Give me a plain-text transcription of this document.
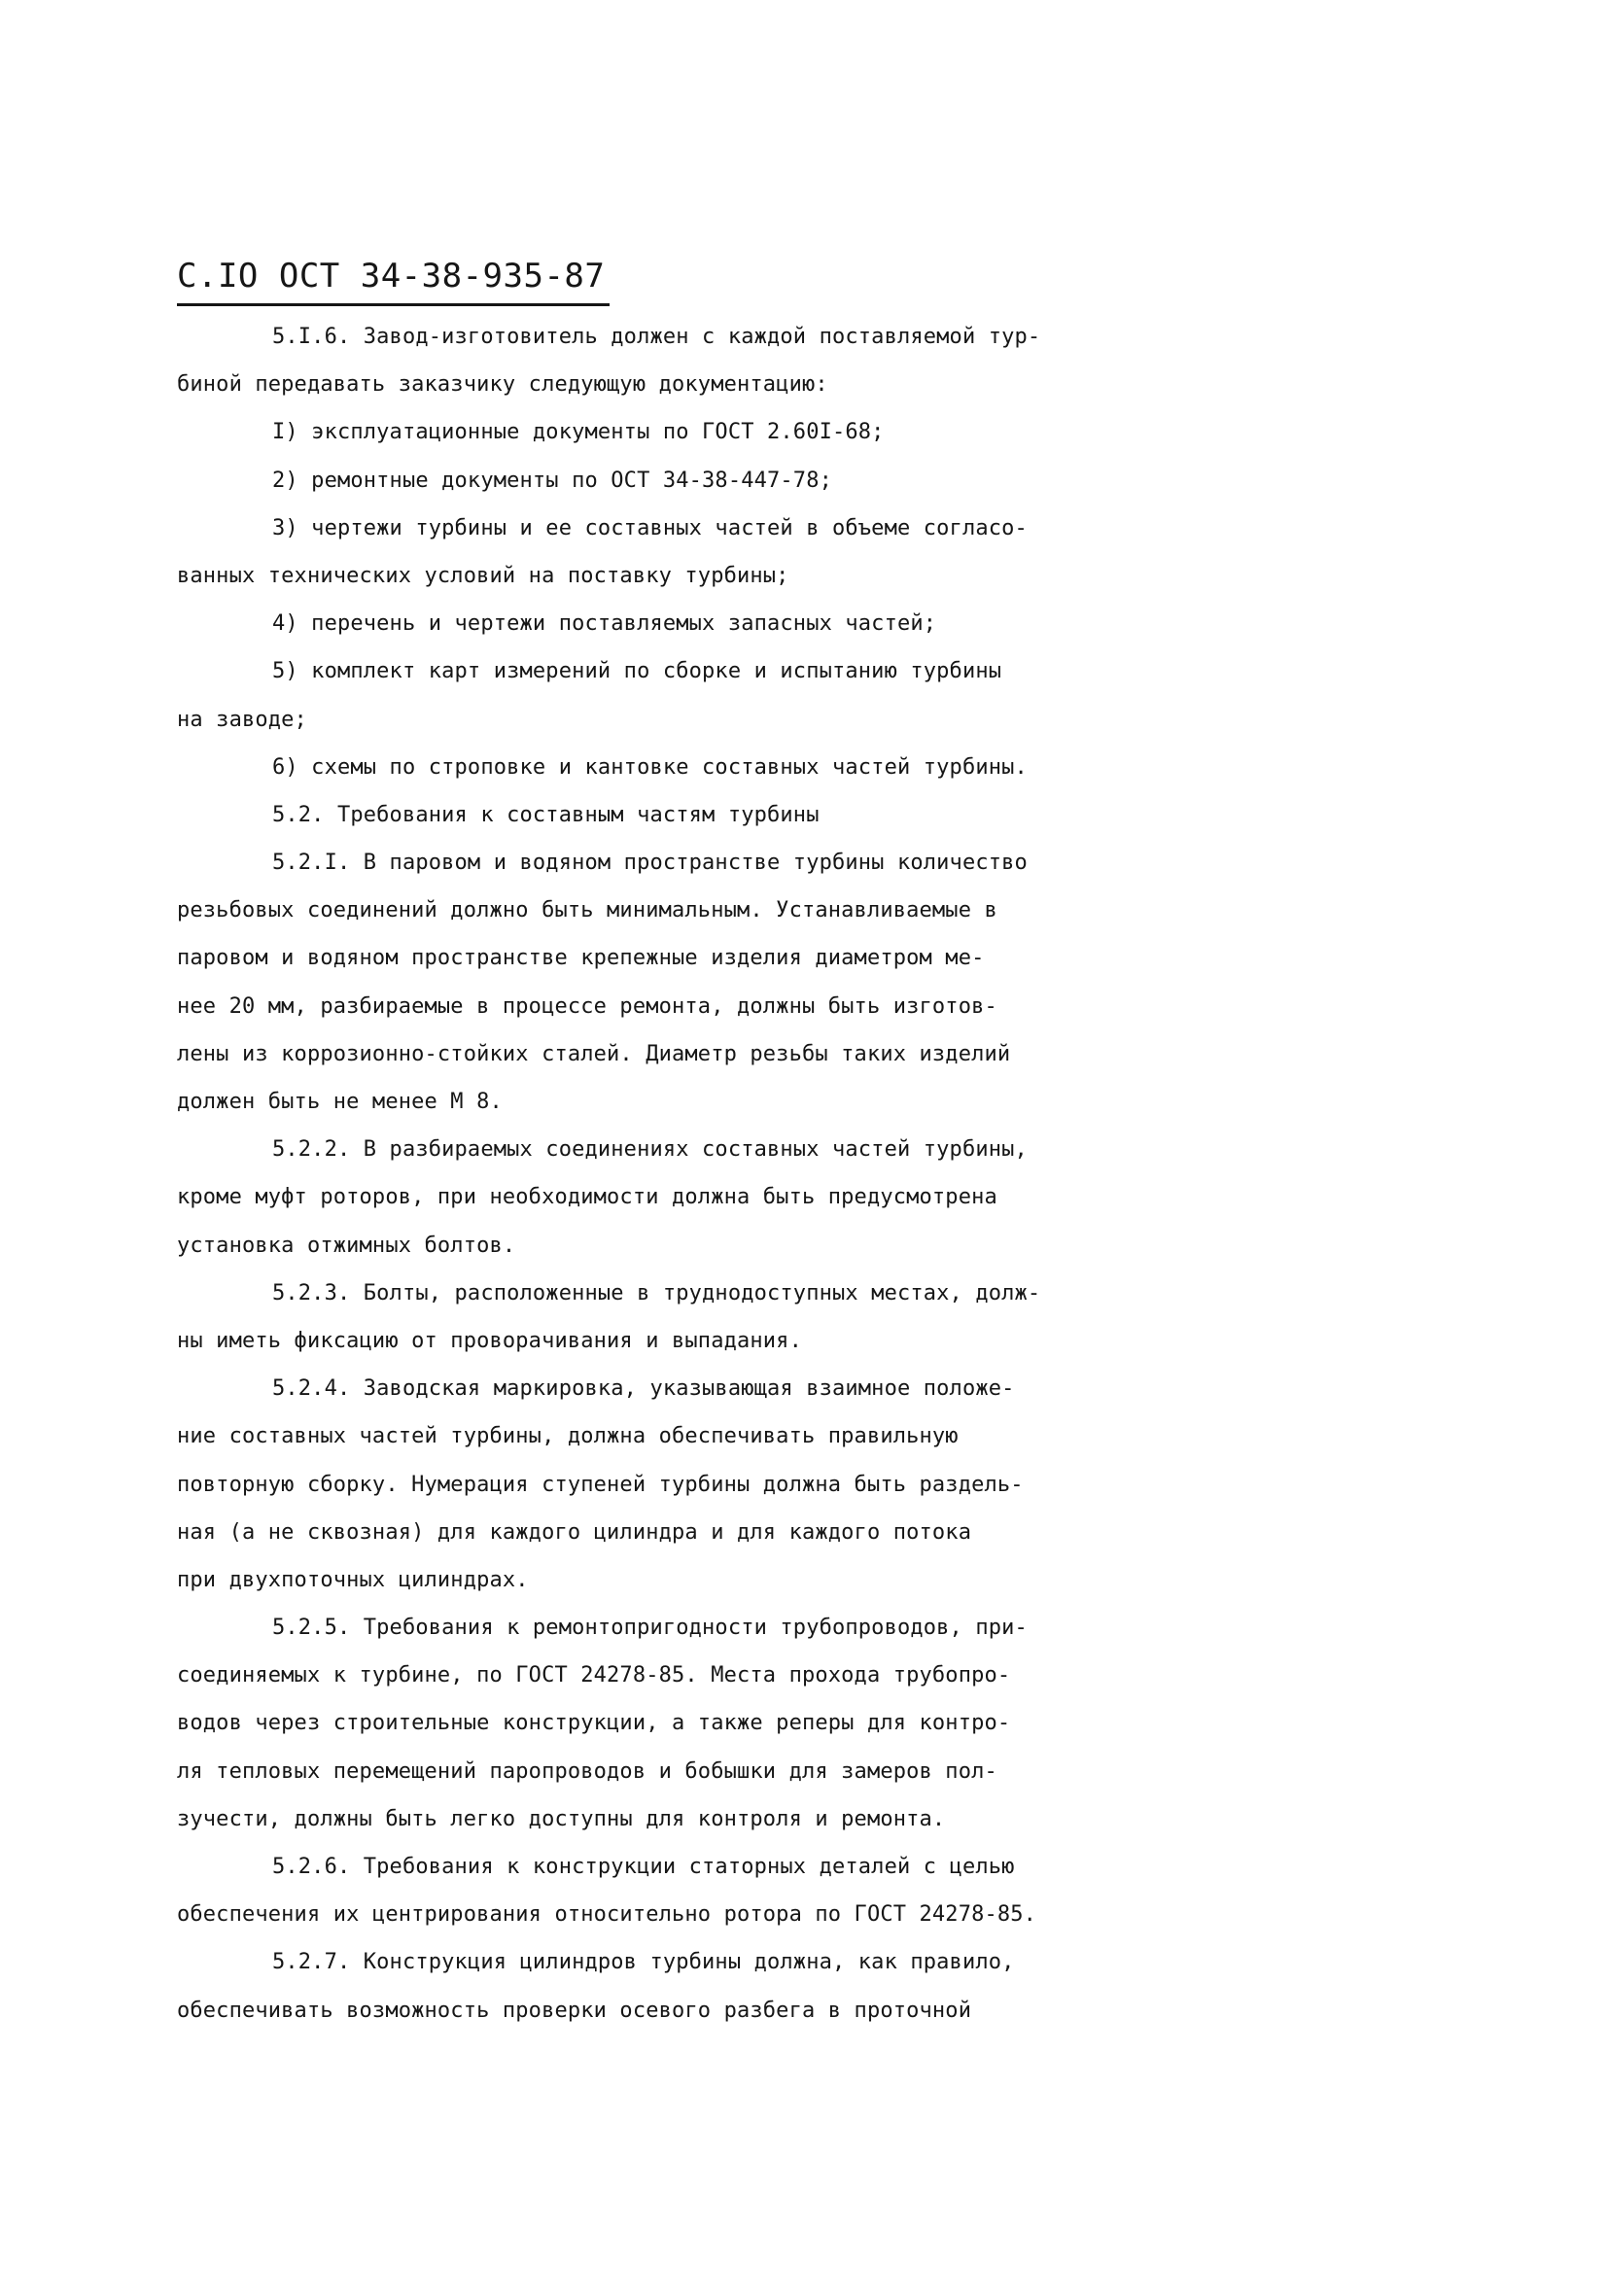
С.IO ОСТ 34-38-935-87
5.I.6. Завод-изготовитель должен с каждой поставляемой тур-
биной передавать заказчику следующую документацию:
I) эксплуатационные документы по ГОСТ 2.60I-68;
2) ремонтные документы по ОСТ 34-38-447-78;
3) чертежи турбины и ее составных частей в объеме согласо-
ванных технических условий на поставку турбины;
4) перечень и чертежи поставляемых запасных частей;
5) комплект карт измерений по сборке и испытанию турбины
на заводе;
6) схемы по строповке и кантовке составных частей турбины.
5.2. Требования к составным частям турбины
5.2.I. В паровом и водяном пространстве турбины количество
резьбовых соединений должно быть минимальным. Устанавливаемые в
паровом и водяном пространстве крепежные изделия диаметром ме-
нее 20 мм, разбираемые в процессе ремонта, должны быть изготов-
лены из коррозионно-стойких сталей. Диаметр резьбы таких изделий
должен быть не менее М 8.
5.2.2. В разбираемых соединениях составных частей турбины,
кроме муфт роторов, при необходимости должна быть предусмотрена
установка отжимных болтов.
5.2.3. Болты, расположенные в труднодоступных местах, долж-
ны иметь фиксацию от проворачивания и выпадания.
5.2.4. Заводская маркировка, указывающая взаимное положе-
ние составных частей турбины, должна обеспечивать правильную
повторную сборку. Нумерация ступеней турбины должна быть раздель-
ная (а не сквозная) для каждого цилиндра и для каждого потока
при двухпоточных цилиндрах.
5.2.5. Требования к ремонтопригодности трубопроводов, при-
соединяемых к турбине, по ГОСТ 24278-85. Места прохода трубопро-
водов через строительные конструкции, а также реперы для контро-
ля тепловых перемещений паропроводов и бобышки для замеров пол-
зучести, должны быть легко доступны для контроля и ремонта.
5.2.6. Требования к конструкции статорных деталей с целью
обеспечения их центрирования относительно ротора по ГОСТ 24278-85.
5.2.7. Конструкция цилиндров турбины должна, как правило,
обеспечивать возможность проверки осевого разбега в проточной
